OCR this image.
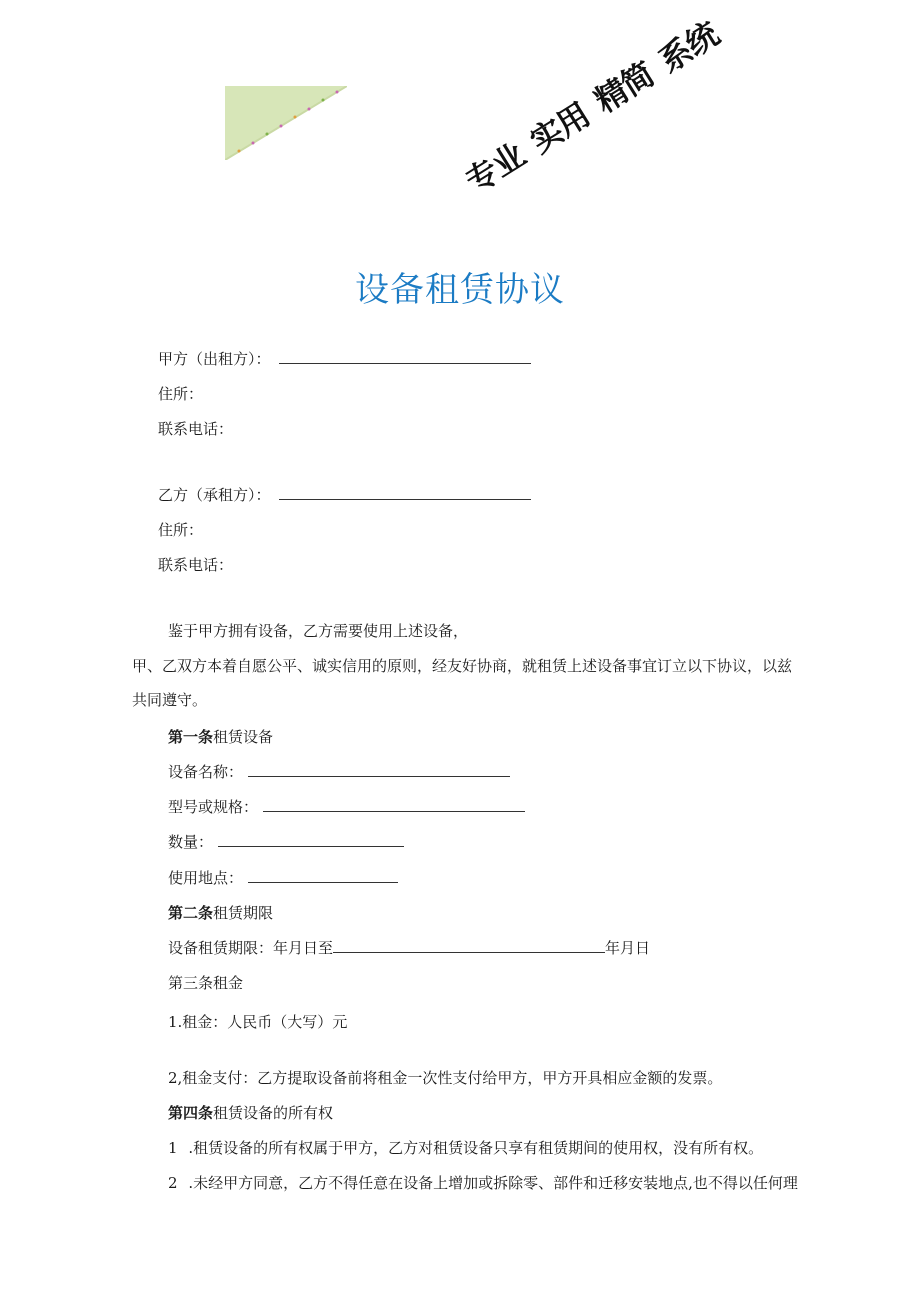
专业实用精简系统
设备租赁协议
甲方（出租方）：
住所：
联系电话：
乙方（承租方）：
住所：
联系电话：
鉴于甲方拥有设备，乙方需要使用上述设备，
甲、乙双方本着自愿公平、诚实信用的原则，经友好协商，就租赁上述设备事宜订立以下协议，以兹
共同遵守。
第一条租赁设备
设备名称：
型号或规格：
数量：
使用地点：
第二条租赁期限
设备租赁期限：年月日至	年月日
第三条租金
1.租金：人民币（大写）元
2,租金支付：乙方提取设备前将租金一次性支付给甲方，甲方开具相应金额的发票。
第四条租赁设备的所有权
1 .租赁设备的所有权属于甲方，乙方对租赁设备只享有租赁期间的使用权，没有所有权。
2 .未经甲方同意，乙方不得任意在设备上增加或拆除零、部件和迁移安装地点,也不得以任何理
